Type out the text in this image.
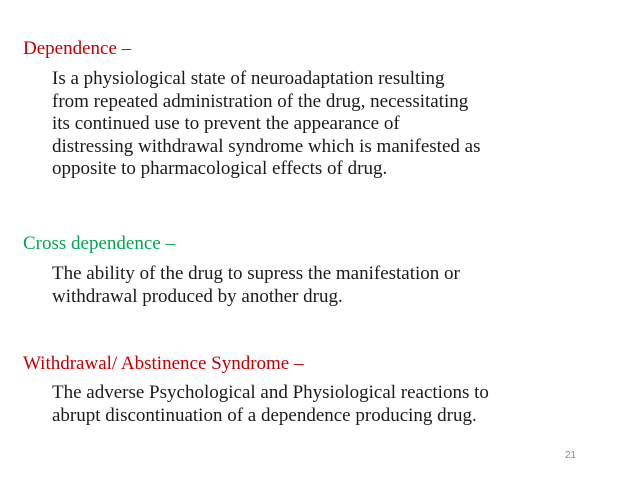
Dependence –
Is a physiological state of neuroadaptation resulting
from repeated administration of the drug, necessitating
its continued use to prevent the appearance of
distressing withdrawal syndrome which is manifested as
opposite to pharmacological effects of drug.
Cross dependence –
The ability of the drug to supress the manifestation or
withdrawal produced by another drug.
Withdrawal/ Abstinence Syndrome –
The adverse Psychological and Physiological reactions to
abrupt discontinuation of a dependence producing drug.
21
